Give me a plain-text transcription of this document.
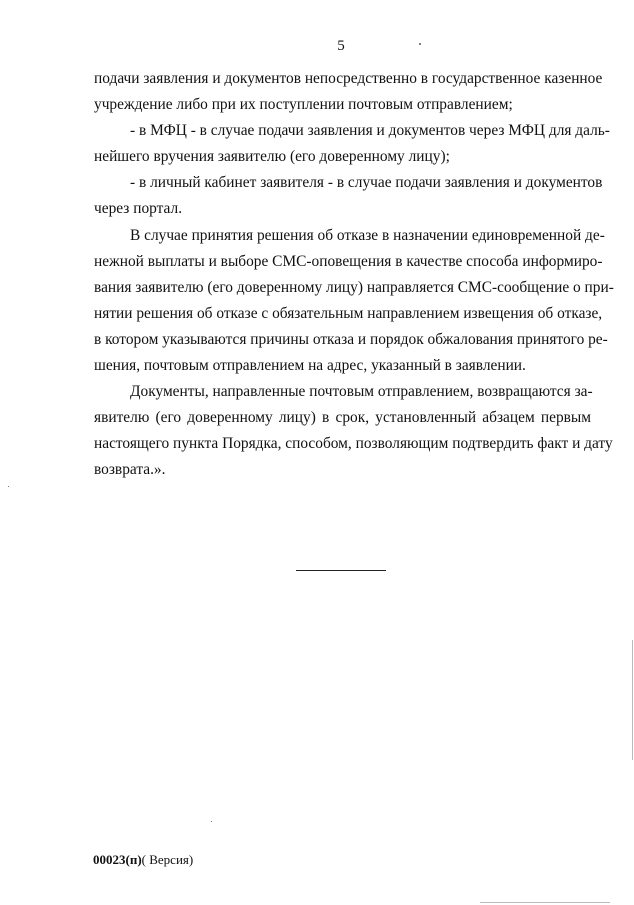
5
подачи заявления и документов непосредственно в государственное казенное
учреждение либо при их поступлении почтовым отправлением;
- в МФЦ - в случае подачи заявления и документов через МФЦ для даль-
нейшего вручения заявителю (его доверенному лицу);
- в личный кабинет заявителя - в случае подачи заявления и документов
через портал.
В случае принятия решения об отказе в назначении единовременной де-
нежной выплаты и выборе СМС-оповещения в качестве способа информиро-
вания заявителю (его доверенному лицу) направляется СМС-сообщение о при-
нятии решения об отказе с обязательным направлением извещения об отказе,
в котором указываются причины отказа и порядок обжалования принятого ре-
шения, почтовым отправлением на адрес, указанный в заявлении.
Документы, направленные почтовым отправлением, возвращаются за-
явителю (его доверенному лицу) в срок, установленный абзацем первым
настоящего пункта Порядка, способом, позволяющим подтвердить факт и дату
возврата.».
00023(п)( Версия)
